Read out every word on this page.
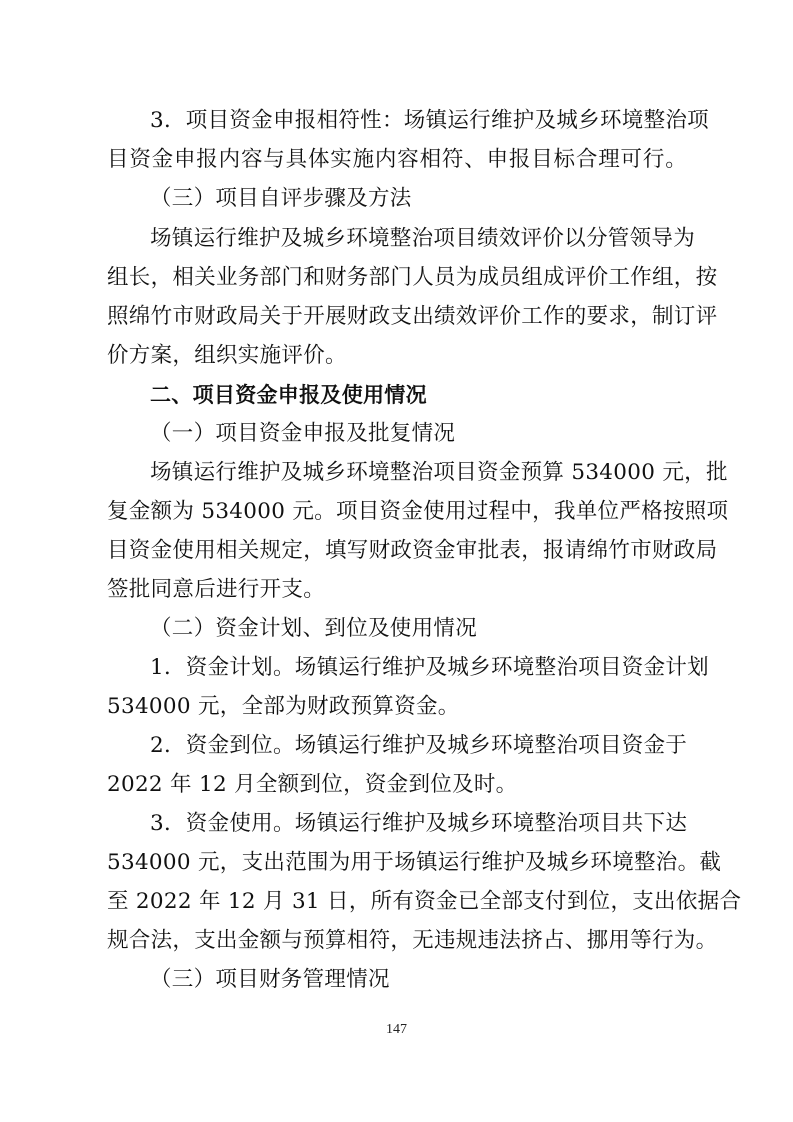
3．项目资金申报相符性：场镇运行维护及城乡环境整治项
目资金申报内容与具体实施内容相符、申报目标合理可行。
（三）项目自评步骤及方法
场镇运行维护及城乡环境整治项目绩效评价以分管领导为
组长，相关业务部门和财务部门人员为成员组成评价工作组，按
照绵竹市财政局关于开展财政支出绩效评价工作的要求，制订评
价方案，组织实施评价。
二、项目资金申报及使用情况
（一）项目资金申报及批复情况
场镇运行维护及城乡环境整治项目资金预算 534000 元，批
复金额为 534000 元。项目资金使用过程中，我单位严格按照项
目资金使用相关规定，填写财政资金审批表，报请绵竹市财政局
签批同意后进行开支。
（二）资金计划、到位及使用情况
1．资金计划。场镇运行维护及城乡环境整治项目资金计划
534000 元，全部为财政预算资金。
2．资金到位。场镇运行维护及城乡环境整治项目资金于
2022 年 12 月全额到位，资金到位及时。
3．资金使用。场镇运行维护及城乡环境整治项目共下达
534000 元，支出范围为用于场镇运行维护及城乡环境整治。截
至 2022 年 12 月 31 日，所有资金已全部支付到位，支出依据合
规合法，支出金额与预算相符，无违规违法挤占、挪用等行为。
（三）项目财务管理情况
147
